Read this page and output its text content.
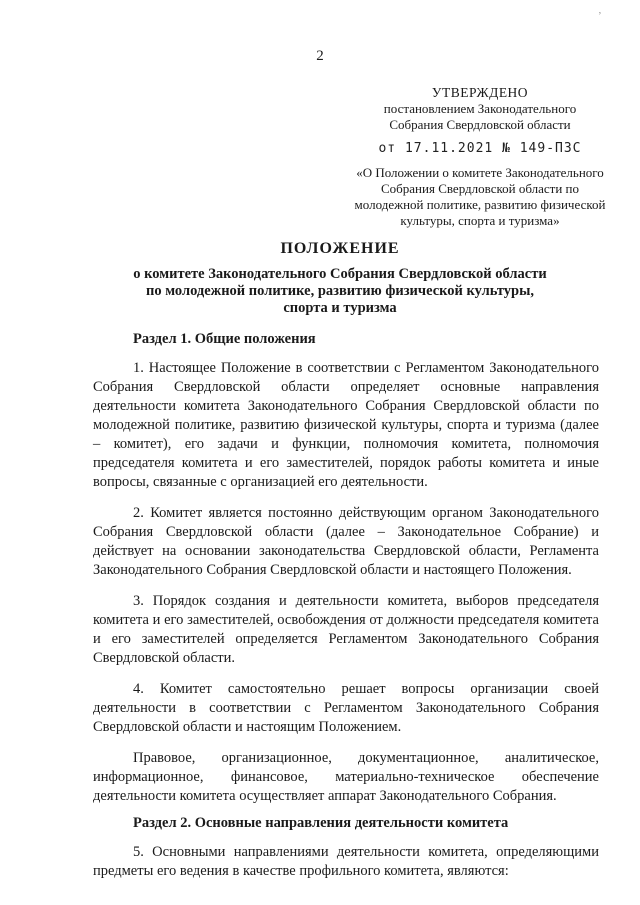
’
2
УТВЕРЖДЕНО
постановлением Законодательного
Собрания Свердловской области
от 17.11.2021 № 149-ПЗС
«О Положении о комитете Законодательного
Собрания Свердловской области по
молодежной политике, развитию физической
культуры, спорта и туризма»
ПОЛОЖЕНИЕ
о комитете Законодательного Собрания Свердловской области
по молодежной политике, развитию физической культуры,
спорта и туризма
Раздел 1. Общие положения

1. Настоящее Положение в соответствии с Регламентом Законодательного Собрания Свердловской области определяет основные направления деятельности комитета Законодательного Собрания Свердловской области по молодежной политике, развитию физической культуры, спорта и туризма (далее – комитет), его задачи и функции, полномочия комитета, полномочия председателя комитета и его заместителей, порядок работы комитета и иные вопросы, связанные с организацией его деятельности.

2. Комитет является постоянно действующим органом Законодательного Собрания Свердловской области (далее – Законодательное Собрание) и действует на основании законодательства Свердловской области, Регламента Законодательного Собрания Свердловской области и настоящего Положения.

3. Порядок создания и деятельности комитета, выборов председателя комитета и его заместителей, освобождения от должности председателя комитета и его заместителей определяется Регламентом Законодательного Собрания Свердловской области.

4. Комитет самостоятельно решает вопросы организации своей деятельности в соответствии с Регламентом Законодательного Собрания Свердловской области и настоящим Положением.

Правовое, организационное, документационное, аналитическое, информационное, финансовое, материально-техническое обеспечение деятельности комитета осуществляет аппарат Законодательного Собрания.

Раздел 2. Основные направления деятельности комитета

5. Основными направлениями деятельности комитета, определяющими предметы его ведения в качестве профильного комитета, являются:
